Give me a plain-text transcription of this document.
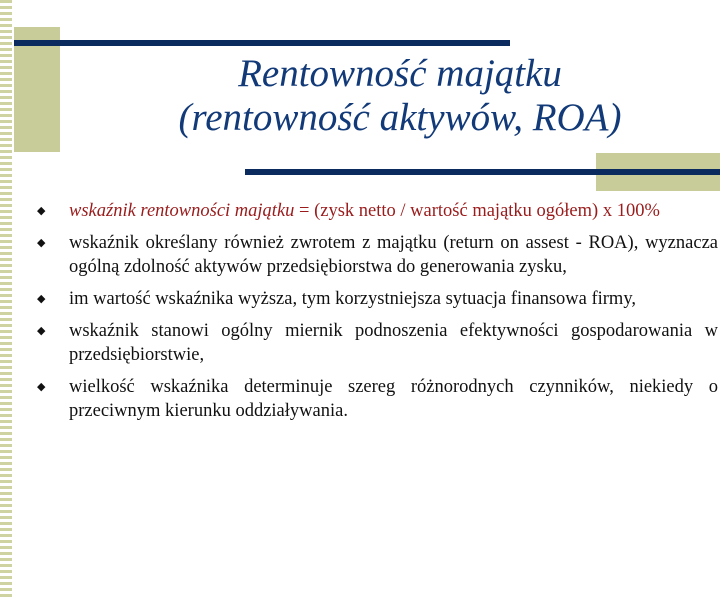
Rentowność majątku
(rentowność aktywów, ROA)
◆ wskaźnik rentowności majątku = (zysk netto / wartość majątku ogółem) x 100%
◆ wskaźnik określany również zwrotem z majątku (return on assest - ROA), wyznacza ogólną zdolność aktywów przedsiębiorstwa do generowania zysku,
◆ im wartość wskaźnika wyższa, tym korzystniejsza sytuacja finansowa firmy,
◆ wskaźnik stanowi ogólny miernik podnoszenia efektywności gospodarowania w przedsiębiorstwie,
◆ wielkość wskaźnika determinuje szereg różnorodnych czynników, niekiedy o przeciwnym kierunku oddziaływania.
